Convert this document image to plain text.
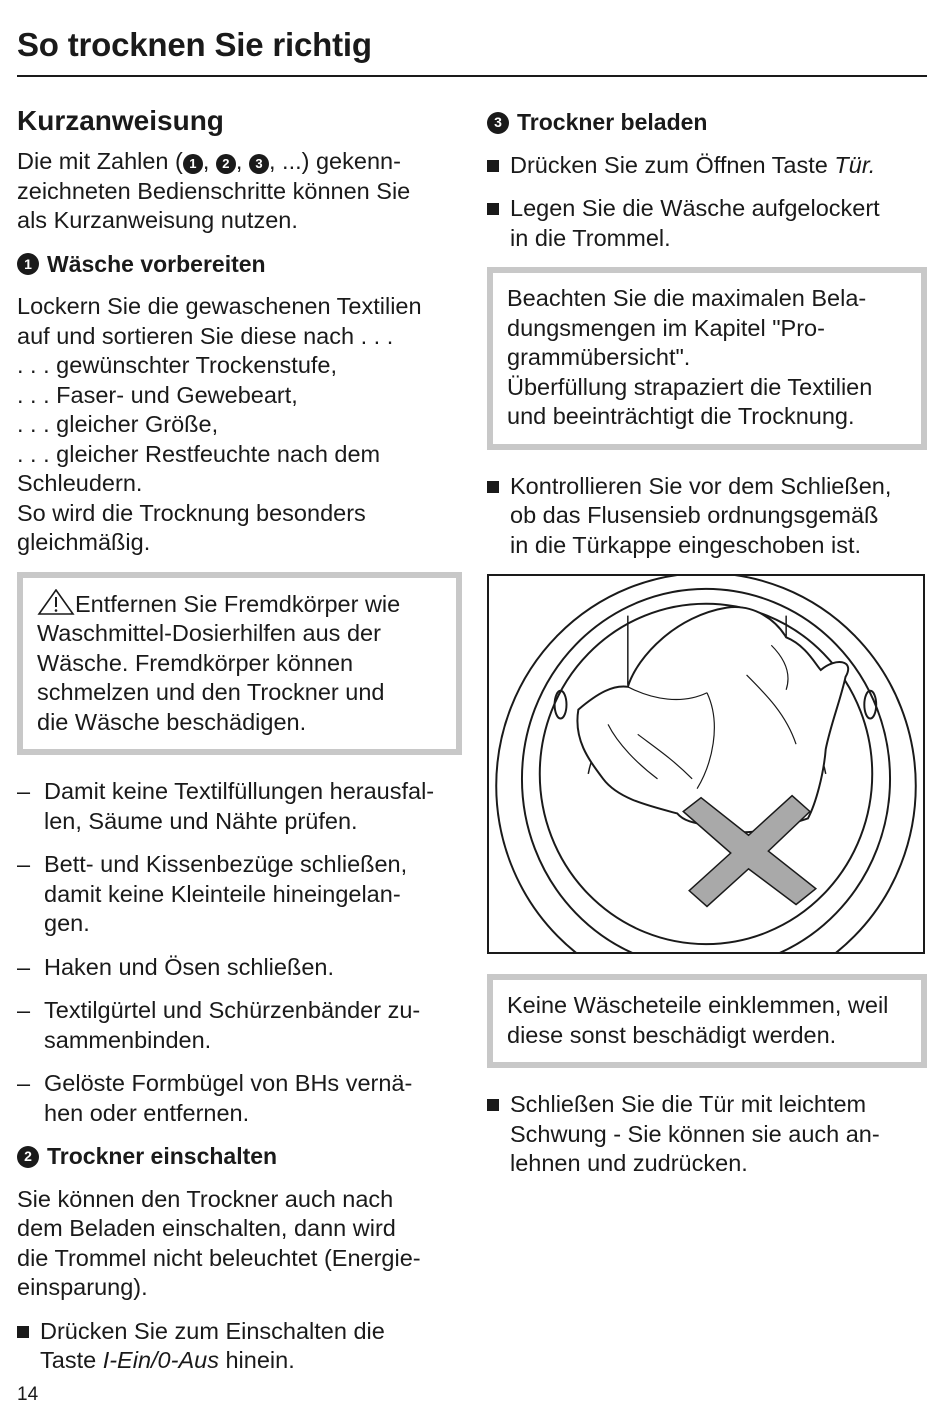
So trocknen Sie richtig
Kurzanweisung

Die mit Zahlen ( 1 , 2 , 3 , ...) gekenn-
zeichneten Bedienschritte können Sie
als Kurzanweisung nutzen.

1 Wäsche vorbereiten

Lockern Sie die gewaschenen Textilien
auf und sortieren Sie diese nach . . .
. . . gewünschter Trockenstufe,
. . . Faser- und Gewebeart,
. . . gleicher Größe,
. . . gleicher Restfeuchte nach dem
Schleudern.
So wird die Trocknung besonders
gleichmäßig.

Entfernen Sie Fremdkörper wie
Waschmittel-Dosierhilfen aus der
Wäsche. Fremdkörper können
schmelzen und den Trockner und
die Wäsche beschädigen.
– Damit keine Textilfüllungen herausfal-
len, Säume und Nähte prüfen.
– Bett- und Kissenbezüge schließen,
damit keine Kleinteile hineingelan-
gen.
– Haken und Ösen schließen.
– Textilgürtel und Schürzenbänder zu-
sammenbinden.
– Gelöste Formbügel von BHs vernä-
hen oder entfernen.
2 Trockner einschalten

Sie können den Trockner auch nach
dem Beladen einschalten, dann wird
die Trommel nicht beleuchtet (Energie-
einsparung).

Drücken Sie zum Einschalten die
Taste I-Ein/0-Aus hinein.
3 Trockner beladen
Drücken Sie zum Öffnen Taste Tür.
Legen Sie die Wäsche aufgelockert
in die Trommel.
Beachten Sie die maximalen Bela-
dungsmengen im Kapitel "Pro-
grammübersicht".
Überfüllung strapaziert die Textilien
und beeinträchtigt die Trocknung.
Kontrollieren Sie vor dem Schließen,
ob das Flusensieb ordnungsgemäß
in die Türkappe eingeschoben ist.
Keine Wäscheteile einklemmen, weil
diese sonst beschädigt werden.
Schließen Sie die Tür mit leichtem
Schwung - Sie können sie auch an-
lehnen und zudrücken.
14
